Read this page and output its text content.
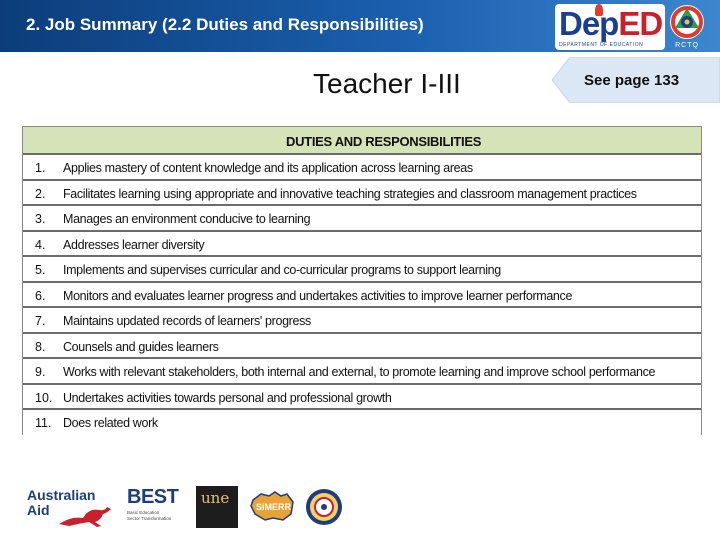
2. Job Summary (2.2 Duties and Responsibilities)	DepED
DEPARTMENT OF EDUCATION	RCTQ
Teacher I-III	See page 133
DUTIES AND RESPONSIBILITIES
1.	Applies mastery of content knowledge and its application across learning areas
2.	Facilitates learning using appropriate and innovative teaching strategies and classroom management practices
3.	Manages an environment conducive to learning
4.	Addresses learner diversity
5.	Implements and supervises curricular and co-curricular programs to support learning
6.	Monitors and evaluates learner progress and undertakes activities to improve learner performance
7.	Maintains updated records of learners' progress
8.	Counsels and guides learners
9.	Works with relevant stakeholders, both internal and external, to promote learning and improve school performance
10. Undertakes activities towards personal and professional growth
11. Does related work
Australian
Aid
BEST
Basic Education
Sector Transformation
une	SiMERR
